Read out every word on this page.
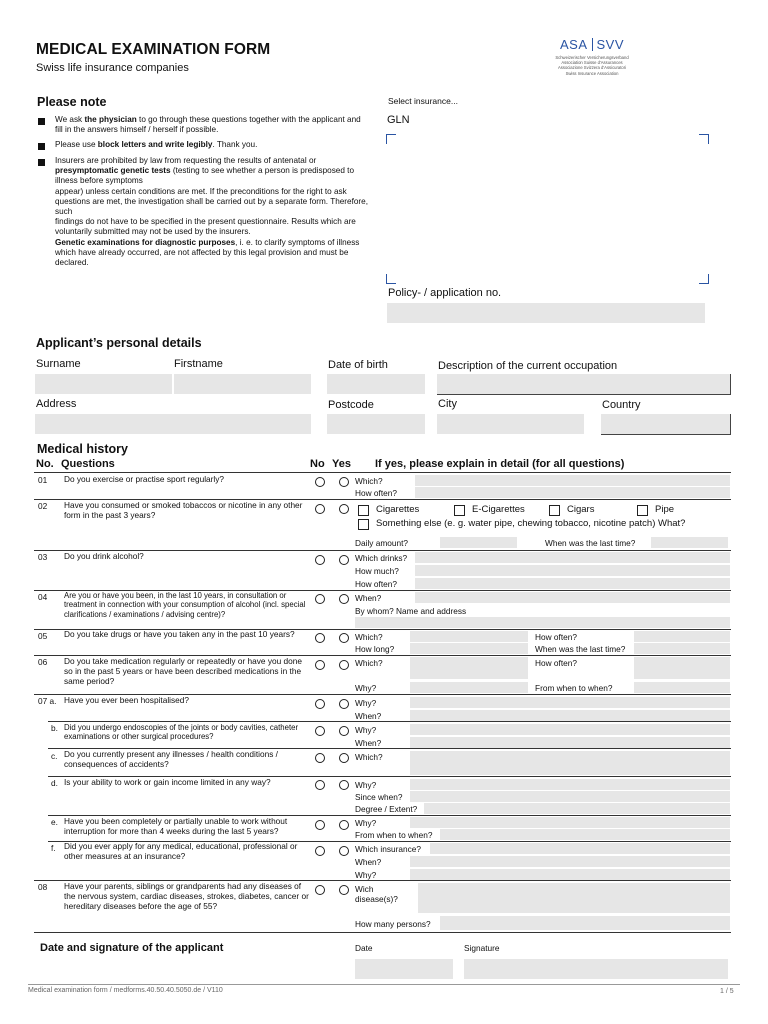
MEDICAL EXAMINATION FORM
Swiss life insurance companies
ASA SVV
Schweizerischer Versicherungsverband
Association Suisse d'Assurances
Associazione Svizzera d'Assicuratori
Swiss Insurance Association
Please note
We ask the physician to go through these questions together with the applicant and fill in the answers himself / herself if possible.
Please use block letters and write legibly. Thank you.
Insurers are prohibited by law from requesting the results of antenatal or presymptomatic genetic tests (testing to see whether a person is predisposed to illness before symptoms
appear) unless certain conditions are met. If the preconditions for the right to ask questions are met, the investigation shall be carried out by a separate form. Therefore, such
findings do not have to be specified in the present questionnaire. Results which are voluntarily submitted may not be used by the insurers.
Genetic examinations for diagnostic purposes, i. e. to clarify symptoms of illness which have already occurred, are not affected by this legal provision and must be declared.
Select insurance...
GLN
Policy- / application no.
Applicant’s personal details
Surname	Firstname	Date of birth	Description of the current occupation
Address	Postcode	City	Country
Medical history
No. Questions	No Yes If yes, please explain in detail (for all questions)
01 Do you exercise or practise sport regularly?	Which?
How often?
02 Have you consumed or smoked tobaccos or nicotine in any other form in the past 3 years?	Cigarettes	E-Cigarettes	Cigars	Pipe
Something else (e. g. water pipe, chewing tobacco, nicotine patch) What?
Daily amount?	When was the last time?
03 Do you drink alcohol?	Which drinks?
How much?
How often?
04 Are you or have you been, in the last 10 years, in consultation or treatment in connection with your consumption of alcohol (incl. special clarifications / examinations / advising centre)?
When?
By whom? Name and address
05 Do you take drugs or have you taken any in the past 10 years?	Which?	How often?
How long?	When was the last time?
06 Do you take medication regularly or repeatedly or have you done so in the past 5 years or have been described medications in the same period?
Which?	How often?
Why?	From when to when?
07 a. Have you ever been hospitalised?	Why?
When?
b. Did you undergo endoscopies of the joints or body cavities, catheter examinations or other surgical procedures?
Why?
When?
c. Do you currently present any illnesses / health conditions / consequences of accidents?
Which?
d. Is your ability to work or gain income limited in any way?	Why?
Since when?
Degree / Extent?
e. Have you been completely or partially unable to work without interruption for more than 4 weeks during the last 5 years?
Why?
From when to when?
f. Did you ever apply for any medical, educational, professional or other measures at an insurance?
Which insurance?
When?
Why?
08 Have your parents, siblings or grandparents had any diseases of the nervous system, cardiac diseases, strokes, diabetes, cancer or hereditary diseases before the age of 55?
Wich
disease(s)?
How many persons?
Date and signature of the applicant	Date	Signature
Medical examination form / medforms.40.50.40.5050.de / V110	1 / 5
